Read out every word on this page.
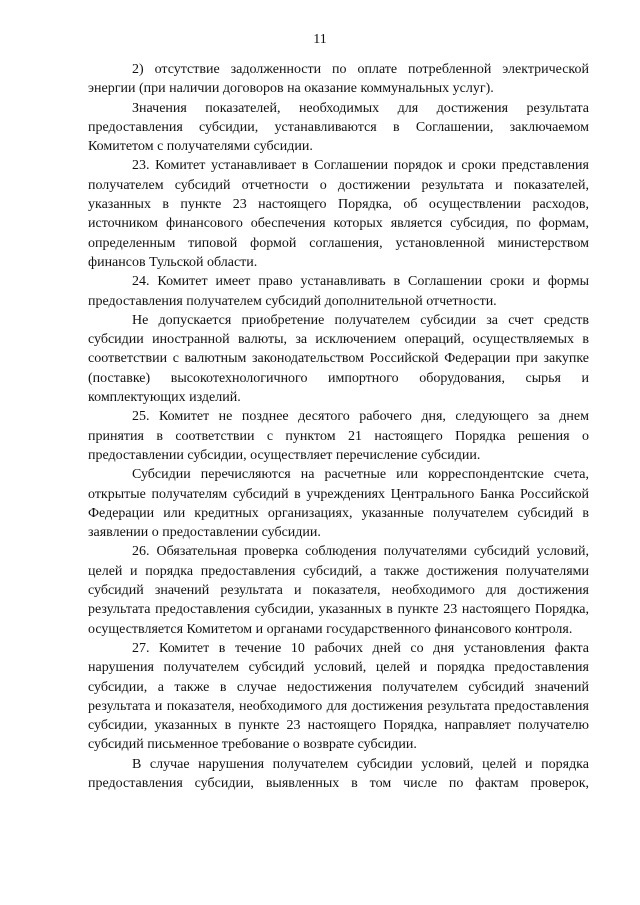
11

2) отсутствие задолженности по оплате потребленной электрической энергии (при наличии договоров на оказание коммунальных услуг).

Значения показателей, необходимых для достижения результата предоставления субсидии, устанавливаются в Соглашении, заключаемом Комитетом с получателями субсидии.

23. Комитет устанавливает в Соглашении порядок и сроки представления получателем субсидий отчетности о достижении результата и показателей, указанных в пункте 23 настоящего Порядка, об осуществлении расходов, источником финансового обеспечения которых является субсидия, по формам, определенным типовой формой соглашения, установленной министерством финансов Тульской области.

24. Комитет имеет право устанавливать в Соглашении сроки и формы предоставления получателем субсидий дополнительной отчетности.

Не допускается приобретение получателем субсидии за счет средств субсидии иностранной валюты, за исключением операций, осуществляемых в соответствии с валютным законодательством Российской Федерации при закупке (поставке) высокотехнологичного импортного оборудования, сырья и комплектующих изделий.

25. Комитет не позднее десятого рабочего дня, следующего за днем принятия в соответствии с пунктом 21 настоящего Порядка решения о предоставлении субсидии, осуществляет перечисление субсидии.

Субсидии перечисляются на расчетные или корреспондентские счета, открытые получателям субсидий в учреждениях Центрального Банка Российской Федерации или кредитных организациях, указанные получателем субсидий в заявлении о предоставлении субсидии.

26. Обязательная проверка соблюдения получателями субсидий условий, целей и порядка предоставления субсидий, а также достижения получателями субсидий значений результата и показателя, необходимого для достижения результата предоставления субсидии, указанных в пункте 23 настоящего Порядка, осуществляется Комитетом и органами государственного финансового контроля.

27. Комитет в течение 10 рабочих дней со дня установления факта нарушения получателем субсидий условий, целей и порядка предоставления субсидии, а также в случае недостижения получателем субсидий значений результата и показателя, необходимого для достижения результата предоставления субсидии, указанных в пункте 23 настоящего Порядка, направляет получателю субсидий письменное требование о возврате субсидии.

В случае нарушения получателем субсидии условий, целей и порядка предоставления субсидии, выявленных в том числе по фактам проверок,
